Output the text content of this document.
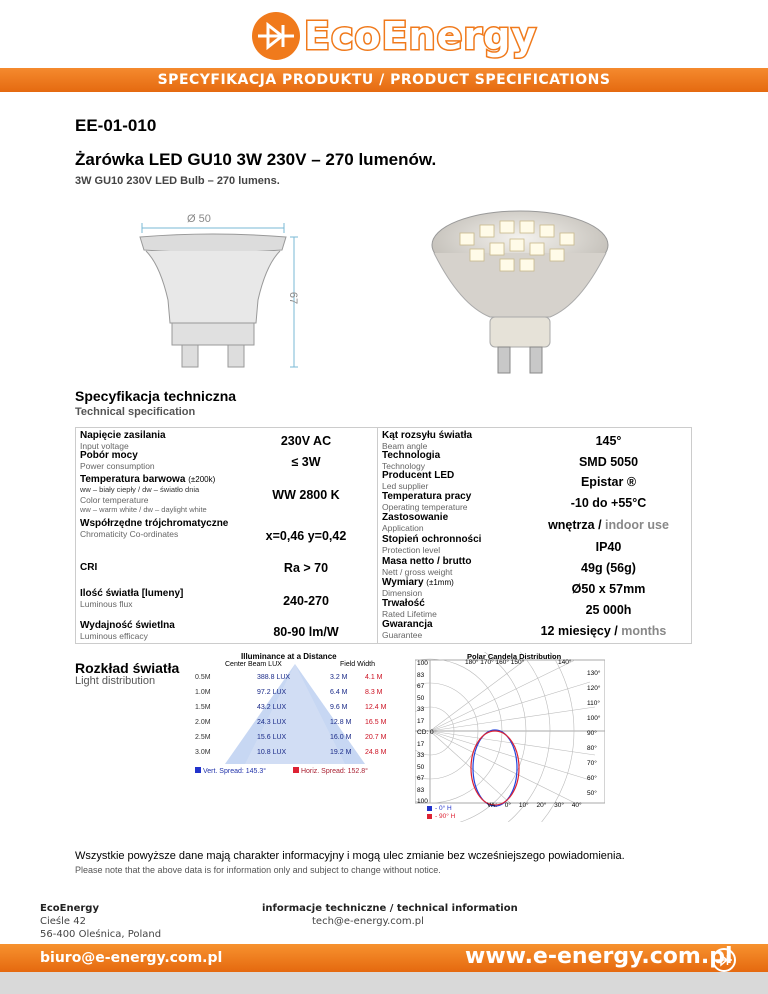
EcoEnergy
SPECYFIKACJA PRODUKTU / PRODUCT SPECIFICATIONS
EE-01-010
Żarówka LED GU10 3W 230V – 270 lumenów.
3W GU10 230V LED Bulb – 270 lumens.
Ø 50
67
Specyfikacja techniczna
Technical specification
Napięcie zasilania
Input voltage	230V AC
Pobór mocy
Power consumption	≤ 3W
Temperatura barwowa (±200k)
ww – biały ciepły / dw – światło dnia
Color temperature
ww – warm white / dw – daylight white
WW 2800 K
Współrzędne trójchromatyczne
Chromaticity Co-ordinates	x=0,46 y=0,42
CRI	Ra > 70
Ilość światła [lumeny]
Luminous flux	240-270
Wydajność świetlna
Luminous efficacy	80-90 lm/W
Kąt rozsyłu światła
Beam angle	145°
Technologia
Technology	SMD 5050
Producent LED
Led supplier	Epistar ®
Temperatura pracy
Operating temperature	-10 do +55°C
Zastosowanie
Application	wnętrza / indoor use
Stopień ochronności
Protection level	IP40
Masa netto / brutto
Nett / gross weight	49g (56g)
Wymiary (±1mm)
Dimension	Ø50 x 57mm
Trwałość
Rated Lifetime	25 000h
Gwarancja
Guarantee	12 miesięcy / months
Rozkład światła
Light distribution
Illuminance at a Distance
Center Beam LUX	Field Width
0.5M	388.8 LUX	3.2 M 4.1 M
1.0M	97.2 LUX	6.4 M 8.3 M
1.5M	43.2 LUX	9.6 M 12.4 M
2.0M	24.3 LUX	12.8 M 16.5 M
2.5M	15.6 LUX	16.0 M 20.7 M
3.0M	10.8 LUX	19.2 M 24.8 M
Vert. Spread: 145.3°	Horiz. Spread: 152.8°
Polar Candela Distribution
180° 170° 160° 150°	140°
100
83
67
50
33
17
CD: 0
17
33
50
67
83
100
130°
120°
110°
100°
90°
80°
70°
60°
50°
VA: 0° 10° 20° 30° 40°
- 0° H
- 90° H
Wszystkie powyższe dane mają charakter informacyjny i mogą ulec zmianie bez wcześniejszego powiadomienia.
Please note that the above data is for information only and subject to change without notice.
EcoEnergy
Cieśle 42
56-400 Oleśnica, Poland
informacje techniczne / technical information

tech@e-energy.com.pl
biuro@e-energy.com.pl	www.e-energy.com.pl
